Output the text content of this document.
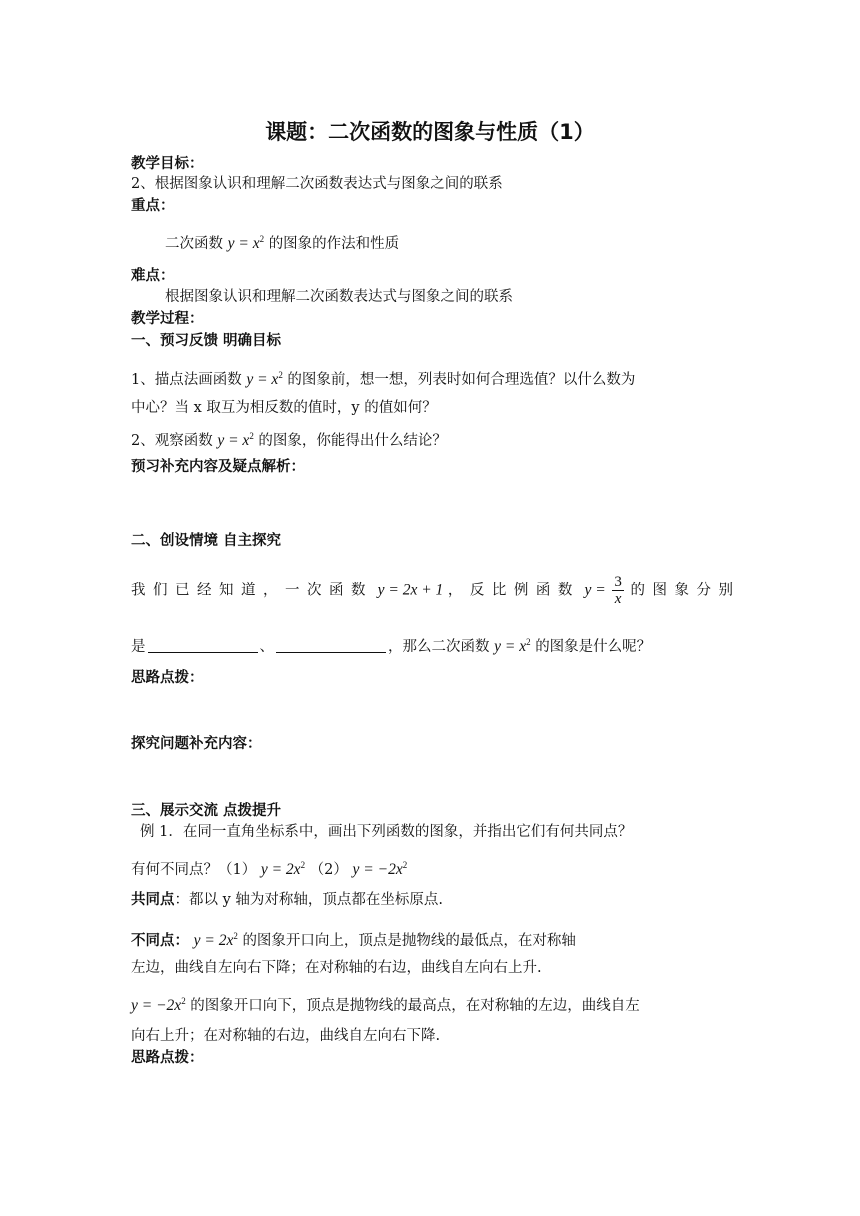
课题：二次函数的图象与性质（1）
教学目标：
2、根据图象认识和理解二次函数表达式与图象之间的联系
重点：
二次函数 $y = x^2$ 的图象的作法和性质
难点：
根据图象认识和理解二次函数表达式与图象之间的联系
教学过程：
一、预习反馈 明确目标
1、描点法画函数 $y = x^2$ 的图象前，想一想，列表时如何合理选值？以什么数为
中心？当 x 取互为相反数的值时，y 的值如何？
2、观察函数 $y = x^2$ 的图象，你能得出什么结论？
预习补充内容及疑点解析：
二、创设情境 自主探究
我们已经知道，一次函数 y = 2x + 1 ，反比例函数 $y = \frac{3}{x}$ 的图象分别
是	、	，那么二次函数 $y = x^2$ 的图象是什么呢？
思路点拨：
探究问题补充内容：
三、展示交流 点拨提升
例 1．在同一直角坐标系中，画出下列函数的图象，并指出它们有何共同点？
有何不同点？（1） $y = 2x^2$ （2） $y = -2x^2$
共同点：都以 y 轴为对称轴，顶点都在坐标原点.
不同点： $y = 2x^2$ 的图象开口向上，顶点是抛物线的最低点，在对称轴
左边，曲线自左向右下降；在对称轴的右边，曲线自左向右上升.
$y = -2x^2$ 的图象开口向下，顶点是抛物线的最高点，在对称轴的左边，曲线自左
向右上升；在对称轴的右边，曲线自左向右下降.
思路点拨：
